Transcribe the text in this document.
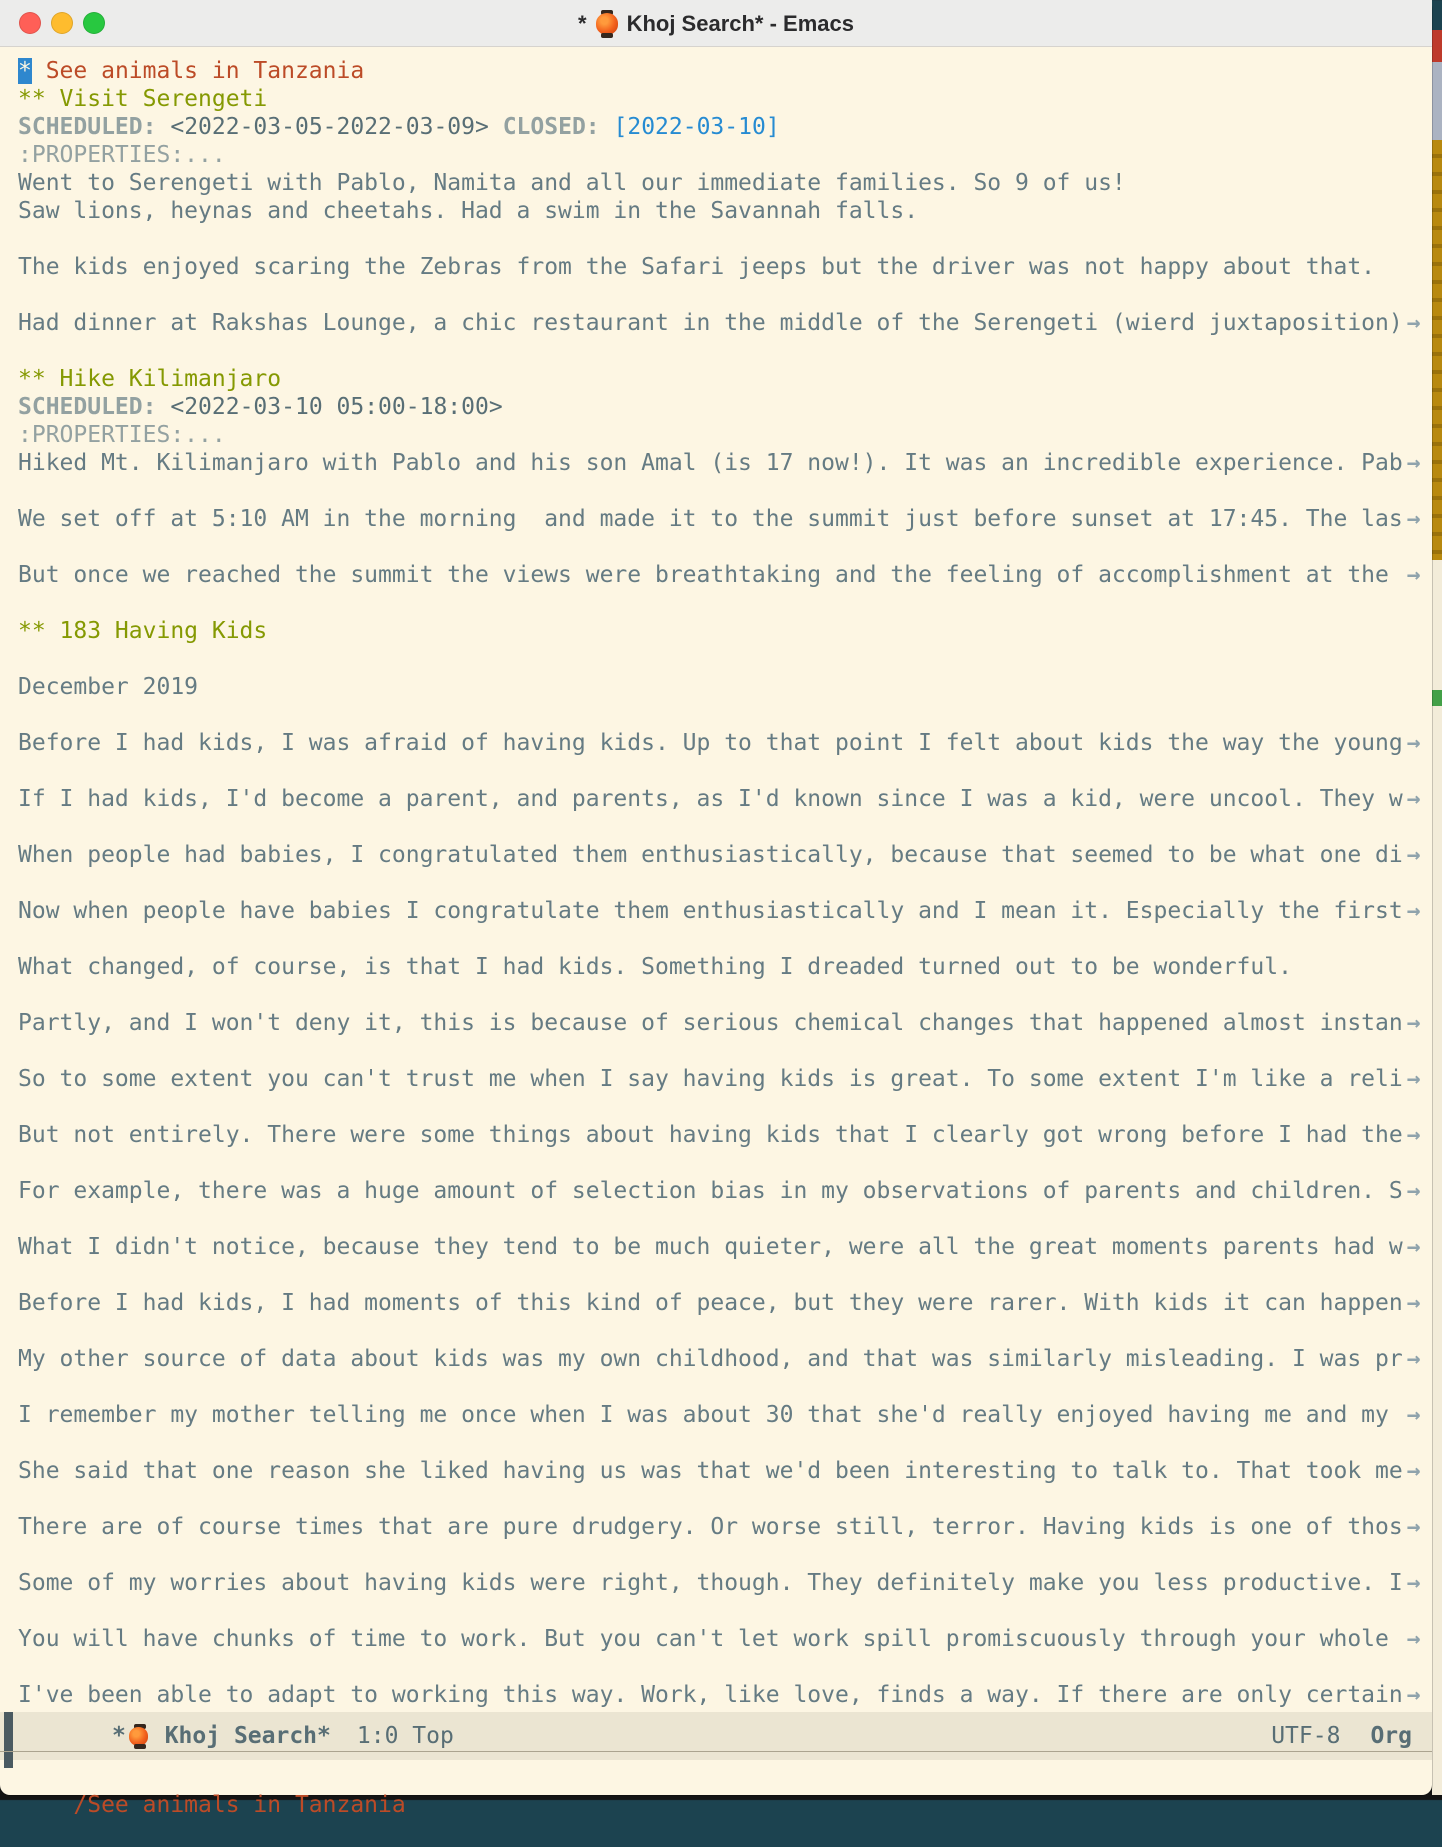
*

Khoj Search* - Emacs
* See animals in Tanzania
** Visit Serengeti
SCHEDULED: <2022-03-05-2022-03-09> CLOSED: [2022-03-10]
:PROPERTIES:...
Went to Serengeti with Pablo, Namita and all our immediate families. So 9 of us!
Saw lions, heynas and cheetahs. Had a swim in the Savannah falls.
The kids enjoyed scaring the Zebras from the Safari jeeps but the driver was not happy about that.
Had dinner at Rakshas Lounge, a chic restaurant in the middle of the Serengeti (wierd juxtaposition) →
** Hike Kilimanjaro
SCHEDULED: <2022-03-10 05:00-18:00>
:PROPERTIES:...
Hiked Mt. Kilimanjaro with Pablo and his son Amal (is 17 now!). It was an incredible experience. Pab →
We set off at 5:10 AM in the morning  and made it to the summit just before sunset at 17:45. The las →
But once we reached the summit the views were breathtaking and the feeling of accomplishment at the →
** 183 Having Kids
December 2019
Before I had kids, I was afraid of having kids. Up to that point I felt about kids the way the young →
If I had kids, I'd become a parent, and parents, as I'd known since I was a kid, were uncool. They w →
When people had babies, I congratulated them enthusiastically, because that seemed to be what one di →
Now when people have babies I congratulate them enthusiastically and I mean it. Especially the first →
What changed, of course, is that I had kids. Something I dreaded turned out to be wonderful.
Partly, and I won't deny it, this is because of serious chemical changes that happened almost instan →
So to some extent you can't trust me when I say having kids is great. To some extent I'm like a reli →
But not entirely. There were some things about having kids that I clearly got wrong before I had the →
For example, there was a huge amount of selection bias in my observations of parents and children. S →
What I didn't notice, because they tend to be much quieter, were all the great moments parents had w →
Before I had kids, I had moments of this kind of peace, but they were rarer. With kids it can happen →
My other source of data about kids was my own childhood, and that was similarly misleading. I was pr →
I remember my mother telling me once when I was about 30 that she'd really enjoyed having me and my →
She said that one reason she liked having us was that we'd been interesting to talk to. That took me →
There are of course times that are pure drudgery. Or worse still, terror. Having kids is one of thos →
Some of my worries about having kids were right, though. They definitely make you less productive. I →
You will have chunks of time to work. But you can't let work spill promiscuously through your whole →
I've been able to adapt to working this way. Work, like love, finds a way. If there are only certain →
*

Khoj Search* 1:0 Top	UTF-8 Org

/See animals in Tanzania
